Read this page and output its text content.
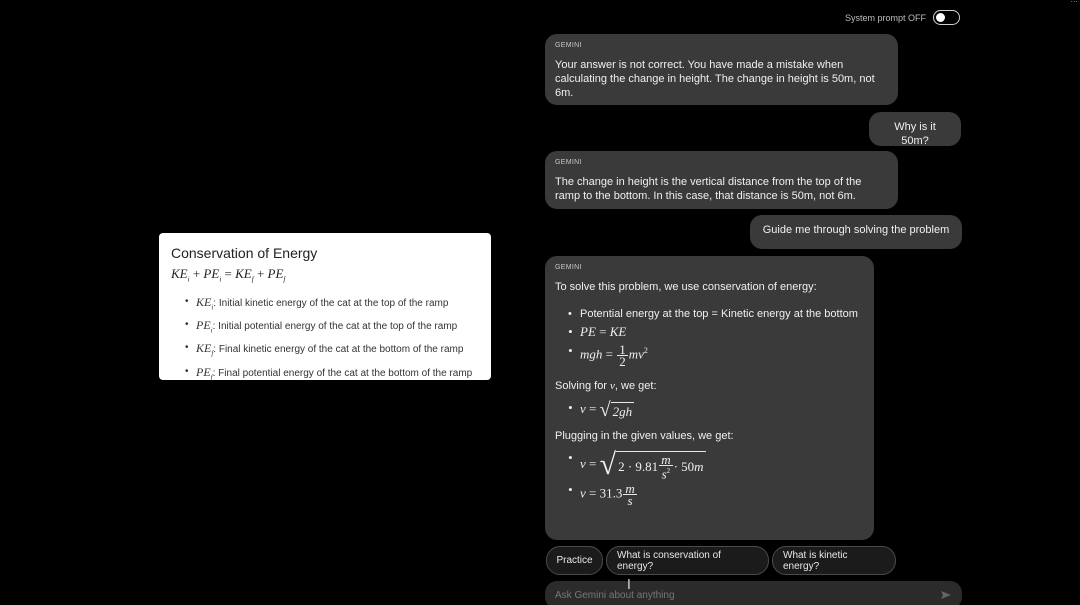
System prompt OFF
GEMINI
Your answer is not correct. You have made a mistake when calculating the change in height. The change in height is 50m, not 6m.
Why is it 50m?
GEMINI
The change in height is the vertical distance from the top of the ramp to the bottom. In this case, that distance is 50m, not 6m.
Guide me through solving the problem
GEMINI
To solve this problem, we use conservation of energy:
• Potential energy at the top = Kinetic energy at the bottom
• PE = KE
• mgh = $\frac{1}{2} mv^2$
Solving for v, we get:
• v = √ 2gh
Plugging in the given values, we get:
• v = √ $2 \cdot 9.81 \frac{m}{s^2} \cdot 50$ m
• $v = 31.3 \frac{m}{s}$
Conservation of Energy
$KE_i + PE_i = KE_f + PE_f$
• $KE_i$: Initial kinetic energy of the cat at the top of the ramp
• $PE_i$: Initial potential energy of the cat at the top of the ramp
• $KE_f$: Final kinetic energy of the cat at the bottom of the ramp
• $PE_f$: Final potential energy of the cat at the bottom of the ramp
Practice	What is conservation of energy?
What is kinetic energy?
Ask Gemini about anything
I
